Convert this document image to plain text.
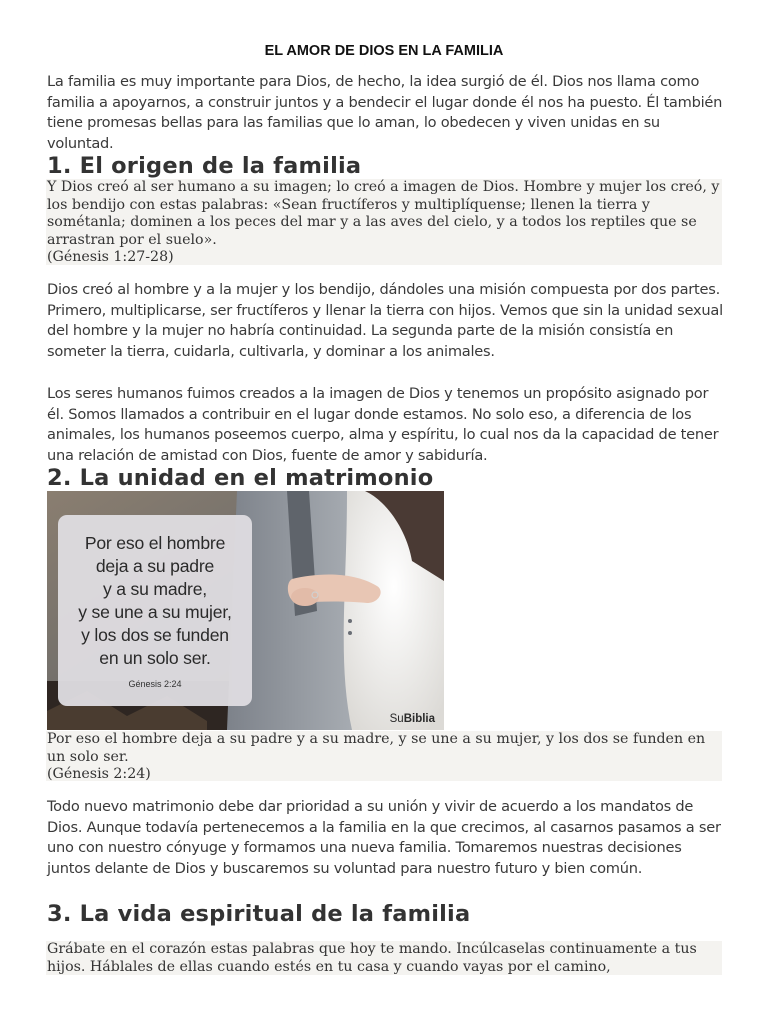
EL AMOR DE DIOS EN LA FAMILIA

La familia es muy importante para Dios, de hecho, la idea surgió de él. Dios nos llama como familia a apoyarnos, a construir juntos y a bendecir el lugar donde él nos ha puesto. Él también tiene promesas bellas para las familias que lo aman, lo obedecen y viven unidas en su voluntad.

1. El origen de la familia
Y Dios creó al ser humano a su imagen; lo creó a imagen de Dios. Hombre y mujer los creó, y los bendijo con estas palabras: «Sean fructíferos y multiplíquense; llenen la tierra y sométanla; dominen a los peces del mar y a las aves del cielo, y a todos los reptiles que se arrastran por el suelo».
(Génesis 1:27-28)

Dios creó al hombre y a la mujer y los bendijo, dándoles una misión compuesta por dos partes. Primero, multiplicarse, ser fructíferos y llenar la tierra con hijos. Vemos que sin la unidad sexual del hombre y la mujer no habría continuidad. La segunda parte de la misión consistía en someter la tierra, cuidarla, cultivarla, y dominar a los animales.

Los seres humanos fuimos creados a la imagen de Dios y tenemos un propósito asignado por él. Somos llamados a contribuir en el lugar donde estamos. No solo eso, a diferencia de los animales, los humanos poseemos cuerpo, alma y espíritu, lo cual nos da la capacidad de tener una relación de amistad con Dios, fuente de amor y sabiduría.

2. La unidad en el matrimonio
Por eso el hombre
deja a su padre
y a su madre,
y se une a su mujer,
y los dos se funden
en un solo ser.
Génesis 2:24
SuBiblia
Por eso el hombre deja a su padre y a su madre, y se une a su mujer, y los dos se funden en un solo ser.
(Génesis 2:24)

Todo nuevo matrimonio debe dar prioridad a su unión y vivir de acuerdo a los mandatos de Dios. Aunque todavía pertenecemos a la familia en la que crecimos, al casarnos pasamos a ser uno con nuestro cónyuge y formamos una nueva familia. Tomaremos nuestras decisiones juntos delante de Dios y buscaremos su voluntad para nuestro futuro y bien común.

3. La vida espiritual de la familia
Grábate en el corazón estas palabras que hoy te mando. Incúlcaselas continuamente a tus hijos. Háblales de ellas cuando estés en tu casa y cuando vayas por el camino,
